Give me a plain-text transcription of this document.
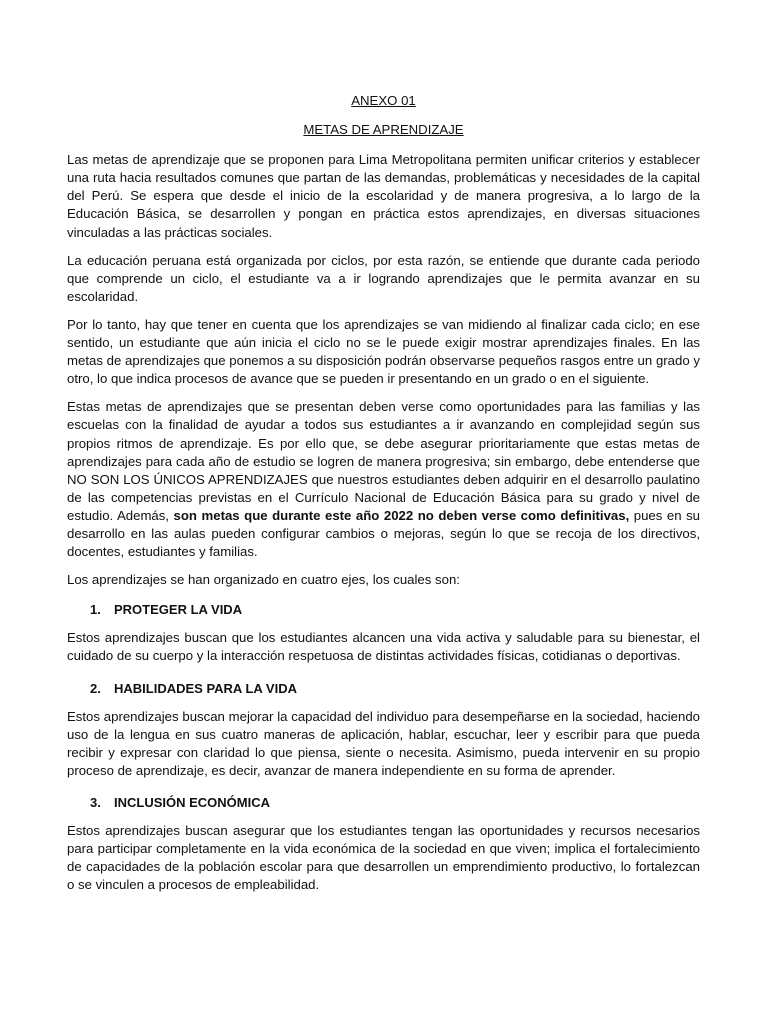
ANEXO 01
METAS DE APRENDIZAJE

Las metas de aprendizaje que se proponen para Lima Metropolitana permiten unificar criterios y establecer una ruta hacia resultados comunes que partan de las demandas, problemáticas y necesidades de la capital del Perú. Se espera que desde el inicio de la escolaridad y de manera progresiva, a lo largo de la Educación Básica, se desarrollen y pongan en práctica estos aprendizajes, en diversas situaciones vinculadas a las prácticas sociales.

La educación peruana está organizada por ciclos, por esta razón, se entiende que durante cada periodo que comprende un ciclo, el estudiante va a ir logrando aprendizajes que le permita avanzar en su escolaridad.

Por lo tanto, hay que tener en cuenta que los aprendizajes se van midiendo al finalizar cada ciclo; en ese sentido, un estudiante que aún inicia el ciclo no se le puede exigir mostrar aprendizajes finales. En las metas de aprendizajes que ponemos a su disposición podrán observarse pequeños rasgos entre un grado y otro, lo que indica procesos de avance que se pueden ir presentando en un grado o en el siguiente.

Estas metas de aprendizajes que se presentan deben verse como oportunidades para las familias y las escuelas con la finalidad de ayudar a todos sus estudiantes a ir avanzando en complejidad según sus propios ritmos de aprendizaje. Es por ello que, se debe asegurar prioritariamente que estas metas de aprendizajes para cada año de estudio se logren de manera progresiva; sin embargo, debe entenderse que NO SON LOS ÚNICOS APRENDIZAJES que nuestros estudiantes deben adquirir en el desarrollo paulatino de las competencias previstas en el Currículo Nacional de Educación Básica para su grado y nivel de estudio. Además, son metas que durante este año 2022 no deben verse como definitivas, pues en su desarrollo en las aulas pueden configurar cambios o mejoras, según lo que se recoja de los directivos, docentes, estudiantes y familias.

Los aprendizajes se han organizado en cuatro ejes, los cuales son:

1. PROTEGER LA VIDA

Estos aprendizajes buscan que los estudiantes alcancen una vida activa y saludable para su bienestar, el cuidado de su cuerpo y la interacción respetuosa de distintas actividades físicas, cotidianas o deportivas.

2. HABILIDADES PARA LA VIDA

Estos aprendizajes buscan mejorar la capacidad del individuo para desempeñarse en la sociedad, haciendo uso de la lengua en sus cuatro maneras de aplicación, hablar, escuchar, leer y escribir para que pueda recibir y expresar con claridad lo que piensa, siente o necesita. Asimismo, pueda intervenir en su propio proceso de aprendizaje, es decir, avanzar de manera independiente en su forma de aprender.

3. INCLUSIÓN ECONÓMICA

Estos aprendizajes buscan asegurar que los estudiantes tengan las oportunidades y recursos necesarios para participar completamente en la vida económica de la sociedad en que viven; implica el fortalecimiento de capacidades de la población escolar para que desarrollen un emprendimiento productivo, lo fortalezcan o se vinculen a procesos de empleabilidad.
